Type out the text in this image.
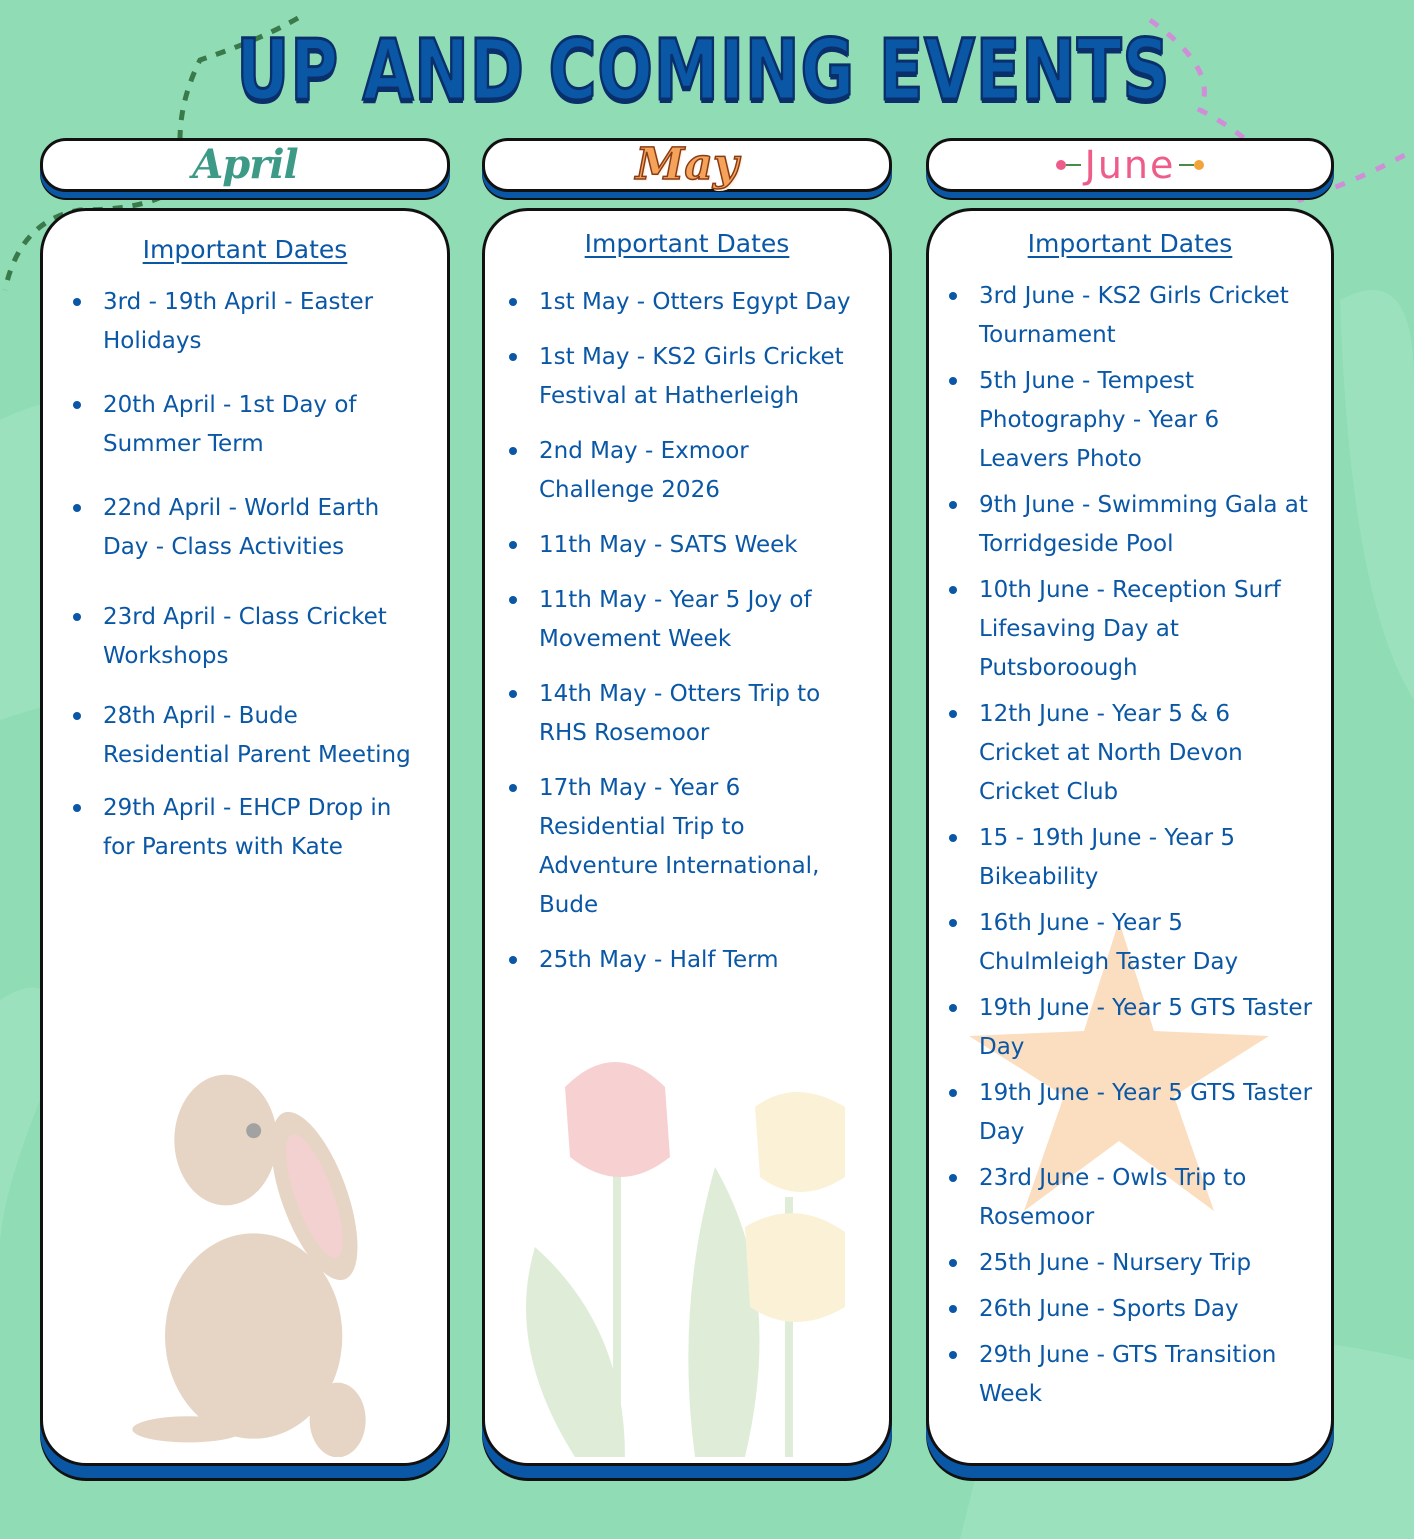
UP AND COMING EVENTS
April	May	June
Important Dates
3rd - 19th April - Easter Holidays
20th April - 1st Day of Summer Term
22nd April - World Earth Day - Class Activities
23rd April - Class Cricket Workshops
28th April - Bude Residential Parent Meeting
29th April - EHCP Drop in for Parents with Kate
Important Dates
1st May - Otters Egypt Day
1st May - KS2 Girls Cricket Festival at Hatherleigh
2nd May - Exmoor Challenge 2026
11th May - SATS Week
11th May - Year 5 Joy of Movement Week
14th May - Otters Trip to RHS Rosemoor
17th May - Year 6 Residential Trip to Adventure International, Bude
25th May - Half Term
Important Dates
3rd June - KS2 Girls Cricket Tournament
5th June - Tempest Photography - Year 6 Leavers Photo
9th June - Swimming Gala at Torridgeside Pool
10th June - Reception Surf Lifesaving Day at Putsboroough
12th June - Year 5 & 6 Cricket at North Devon Cricket Club
15 - 19th June - Year 5 Bikeability
16th June - Year 5 Chulmleigh Taster Day
19th June - Year 5 GTS Taster Day
19th June - Year 5 GTS Taster Day
23rd June - Owls Trip to Rosemoor
25th June - Nursery Trip
26th June - Sports Day
29th June - GTS Transition Week
